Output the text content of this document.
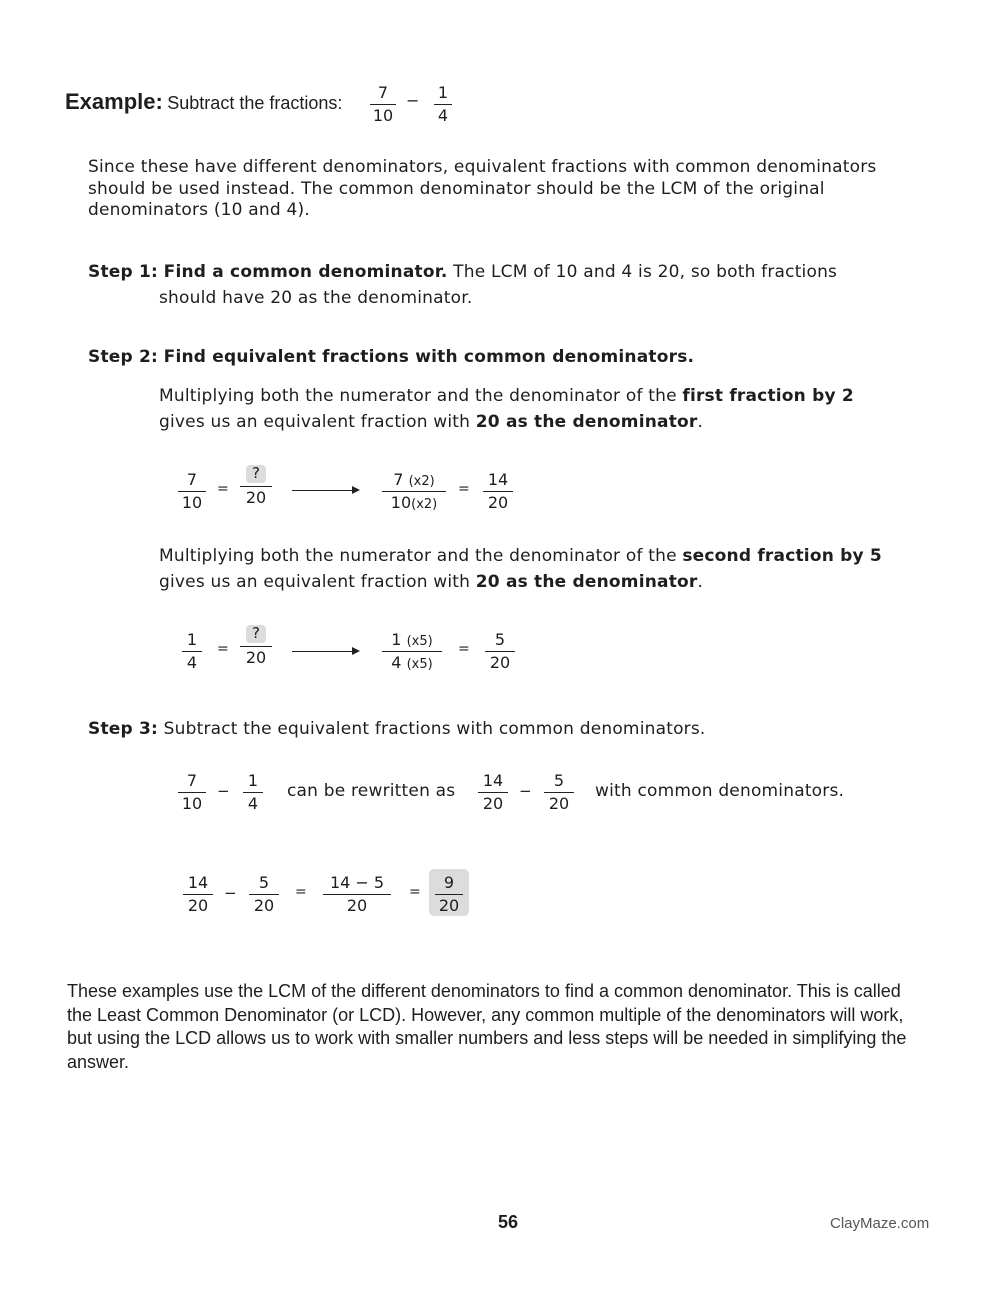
Example: Subtract the fractions:
7
10
− 1
4
Since these have different denominators, equivalent fractions with common denominators should be used instead. The common denominator should be the LCM of the original denominators (10 and 4).
Step 1: Find a common denominator. The LCM of 10 and 4 is 20, so both fractions
should have 20 as the denominator.
Step 2: Find equivalent fractions with common denominators.
Multiplying both the numerator and the denominator of the first fraction by 2
gives us an equivalent fraction with 20 as the denominator.
7
10
=
?
20
7 (x2)
10(x2)
=	14
20
Multiplying both the numerator and the denominator of the second fraction by 5
gives us an equivalent fraction with 20 as the denominator.
1
4
=
?
20
1 (x5)
4 (x5)
=	5
20
Step 3: Subtract the equivalent fractions with common denominators.
7
10
−
1
4
can be rewritten as
14
20
−
5
20
with common denominators.
14
20
−
5
20
=	14 − 5
20
=	9
20
These examples use the LCM of the different denominators to find a common denominator. This is called the Least Common Denominator (or LCD). However, any common multiple of the denominators will work, but using the LCD allows us to work with smaller numbers and less steps will be needed in simplifying the answer.
56	ClayMaze.com
